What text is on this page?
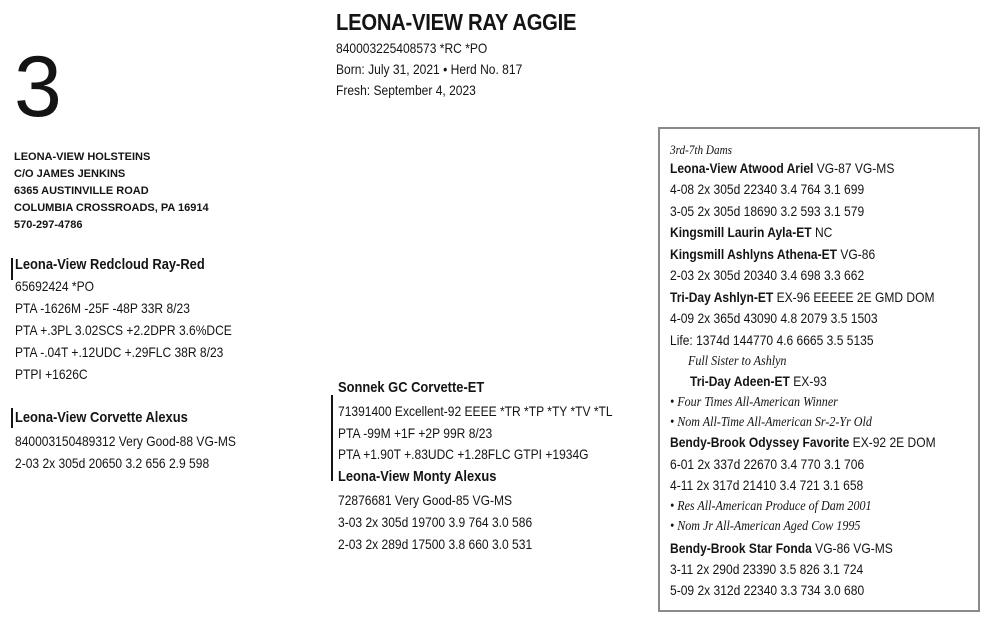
3
LEONA-VIEW RAY AGGIE
840003225408573 *RC *PO
Born: July 31, 2021 • Herd No. 817
Fresh: September 4, 2023
LEONA-VIEW HOLSTEINS
C/O JAMES JENKINS
6365 AUSTINVILLE ROAD
COLUMBIA CROSSROADS, PA 16914
570-297-4786
Leona-View Redcloud Ray-Red
65692424 *PO
PTA -1626M -25F -48P 33R 8/23
PTA +.3PL 3.02SCS +2.2DPR 3.6%DCE
PTA -.04T +.12UDC +.29FLC 38R 8/23
PTPI +1626C
Leona-View Corvette Alexus
840003150489312 Very Good-88 VG-MS
2-03 2x 305d 20650 3.2 656 2.9 598
Sonnek GC Corvette-ET
71391400 Excellent-92 EEEE *TR *TP *TY *TV *TL
PTA -99M +1F +2P 99R 8/23
PTA +1.90T +.83UDC +1.28FLC GTPI +1934G
Leona-View Monty Alexus
72876681 Very Good-85 VG-MS
3-03 2x 305d 19700 3.9 764 3.0 586
2-03 2x 289d 17500 3.8 660 3.0 531
3rd-7th Dams
Leona-View Atwood Ariel VG-87 VG-MS
4-08 2x 305d 22340 3.4 764 3.1 699
3-05 2x 305d 18690 3.2 593 3.1 579
Kingsmill Laurin Ayla-ET NC
Kingsmill Ashlyns Athena-ET VG-86
2-03 2x 305d 20340 3.4 698 3.3 662
Tri-Day Ashlyn-ET EX-96 EEEEE 2E GMD DOM
4-09 2x 365d 43090 4.8 2079 3.5 1503
Life: 1374d 144770 4.6 6665 3.5 5135
Full Sister to Ashlyn
Tri-Day Adeen-ET EX-93
• Four Times All-American Winner
• Nom All-Time All-American Sr-2-Yr Old
Bendy-Brook Odyssey Favorite EX-92 2E DOM
6-01 2x 337d 22670 3.4 770 3.1 706
4-11 2x 317d 21410 3.4 721 3.1 658
• Res All-American Produce of Dam 2001
• Nom Jr All-American Aged Cow 1995
Bendy-Brook Star Fonda VG-86 VG-MS
3-11 2x 290d 23390 3.5 826 3.1 724
5-09 2x 312d 22340 3.3 734 3.0 680
